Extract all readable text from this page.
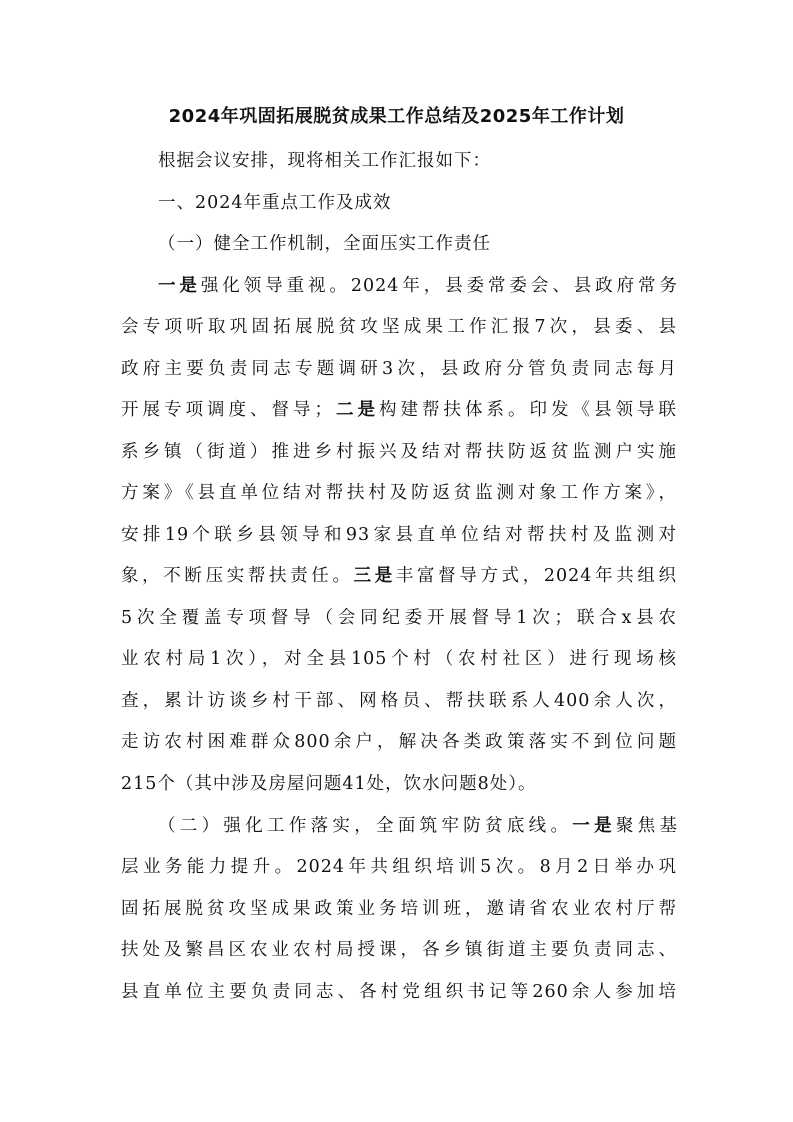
2024年巩固拓展脱贫成果工作总结及2025年工作计划
根据会议安排，现将相关工作汇报如下：
一、2024年重点工作及成效
（一）健全工作机制，全面压实工作责任
一是强化领导重视。2024年，县委常委会、县政府常务
会专项听取巩固拓展脱贫攻坚成果工作汇报7次，县委、县
政府主要负责同志专题调研3次，县政府分管负责同志每月
开展专项调度、督导；二是构建帮扶体系。印发《县领导联
系乡镇（街道）推进乡村振兴及结对帮扶防返贫监测户实施
方案》《县直单位结对帮扶村及防返贫监测对象工作方案》，
安排19个联乡县领导和93家县直单位结对帮扶村及监测对
象，不断压实帮扶责任。三是丰富督导方式，2024年共组织
5次全覆盖专项督导（会同纪委开展督导1次；联合x县农
业农村局1次），对全县105个村（农村社区）进行现场核
查，累计访谈乡村干部、网格员、帮扶联系人400余人次，
走访农村困难群众800余户，解决各类政策落实不到位问题
215个（其中涉及房屋问题41处，饮水问题8处）。
（二）强化工作落实，全面筑牢防贫底线。一是聚焦基
层业务能力提升。2024年共组织培训5次。8月2日举办巩
固拓展脱贫攻坚成果政策业务培训班，邀请省农业农村厅帮
扶处及繁昌区农业农村局授课，各乡镇街道主要负责同志、
县直单位主要负责同志、各村党组织书记等260余人参加培
